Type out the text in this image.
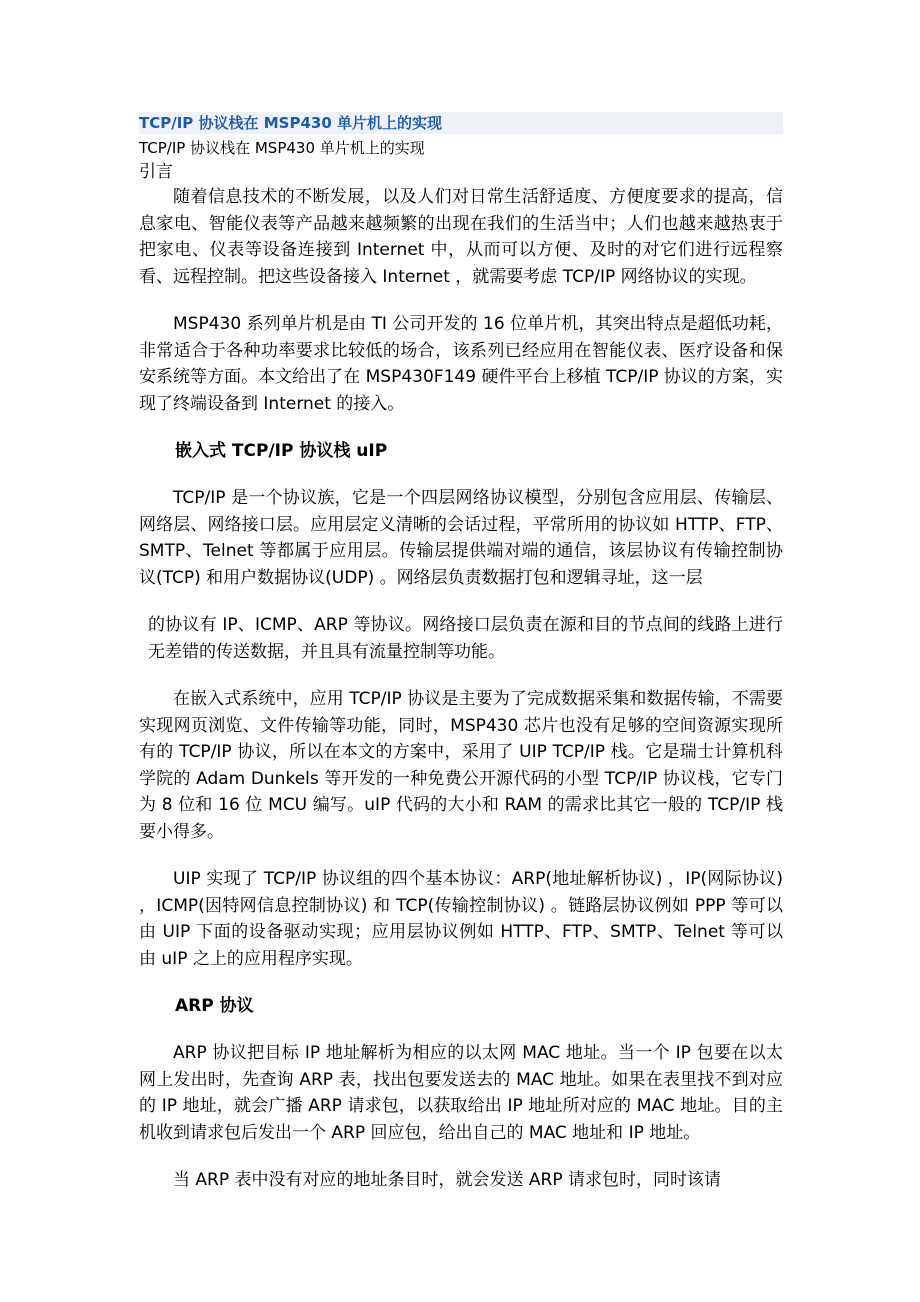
TCP/IP 协议栈在 MSP430 单片机上的实现
TCP/IP 协议栈在 MSP430 单片机上的实现
引言

随着信息技术的不断发展，以及人们对日常生活舒适度、方便度要求的提高，信息家电、智能仪表等产品越来越频繁的出现在我们的生活当中；人们也越来越热衷于把家电、仪表等设备连接到 Internet 中，从而可以方便、及时的对它们进行远程察看、远程控制。把这些设备接入 Internet ，就需要考虑 TCP/IP 网络协议的实现。

MSP430 系列单片机是由 TI 公司开发的 16 位单片机，其突出特点是超低功耗，非常适合于各种功率要求比较低的场合，该系列已经应用在智能仪表、医疗设备和保安系统等方面。本文给出了在 MSP430F149 硬件平台上移植 TCP/IP 协议的方案，实现了终端设备到 Internet 的接入。

嵌入式 TCP/IP 协议栈 uIP

TCP/IP 是一个协议族，它是一个四层网络协议模型，分别包含应用层、传输层、网络层、网络接口层。应用层定义清晰的会话过程，平常所用的协议如 HTTP、FTP、SMTP、Telnet 等都属于应用层。传输层提供端对端的通信，该层协议有传输控制协议(TCP) 和用户数据协议(UDP) 。网络层负责数据打包和逻辑寻址，这一层

的协议有 IP、ICMP、ARP 等协议。网络接口层负责在源和目的节点间的线路上进行无差错的传送数据，并且具有流量控制等功能。

在嵌入式系统中，应用 TCP/IP 协议是主要为了完成数据采集和数据传输，不需要实现网页浏览、文件传输等功能，同时，MSP430 芯片也没有足够的空间资源实现所有的 TCP/IP 协议，所以在本文的方案中，采用了 UIP TCP/IP 栈。它是瑞士计算机科学院的 Adam Dunkels 等开发的一种免费公开源代码的小型 TCP/IP 协议栈，它专门为 8 位和 16 位 MCU 编写。uIP 代码的大小和 RAM 的需求比其它一般的 TCP/IP 栈要小得多。

UIP 实现了 TCP/IP 协议组的四个基本协议：ARP(地址解析协议) ，IP(网际协议) ，ICMP(因特网信息控制协议) 和 TCP(传输控制协议) 。链路层协议例如 PPP 等可以由 UIP 下面的设备驱动实现；应用层协议例如 HTTP、FTP、SMTP、Telnet 等可以由 uIP 之上的应用程序实现。

ARP 协议

ARP 协议把目标 IP 地址解析为相应的以太网 MAC 地址。当一个 IP 包要在以太网上发出时，先查询 ARP 表，找出包要发送去的 MAC 地址。如果在表里找不到对应的 IP 地址，就会广播 ARP 请求包，以获取给出 IP 地址所对应的 MAC 地址。目的主机收到请求包后发出一个 ARP 回应包，给出自己的 MAC 地址和 IP 地址。

当 ARP 表中没有对应的地址条目时，就会发送 ARP 请求包时，同时该请
